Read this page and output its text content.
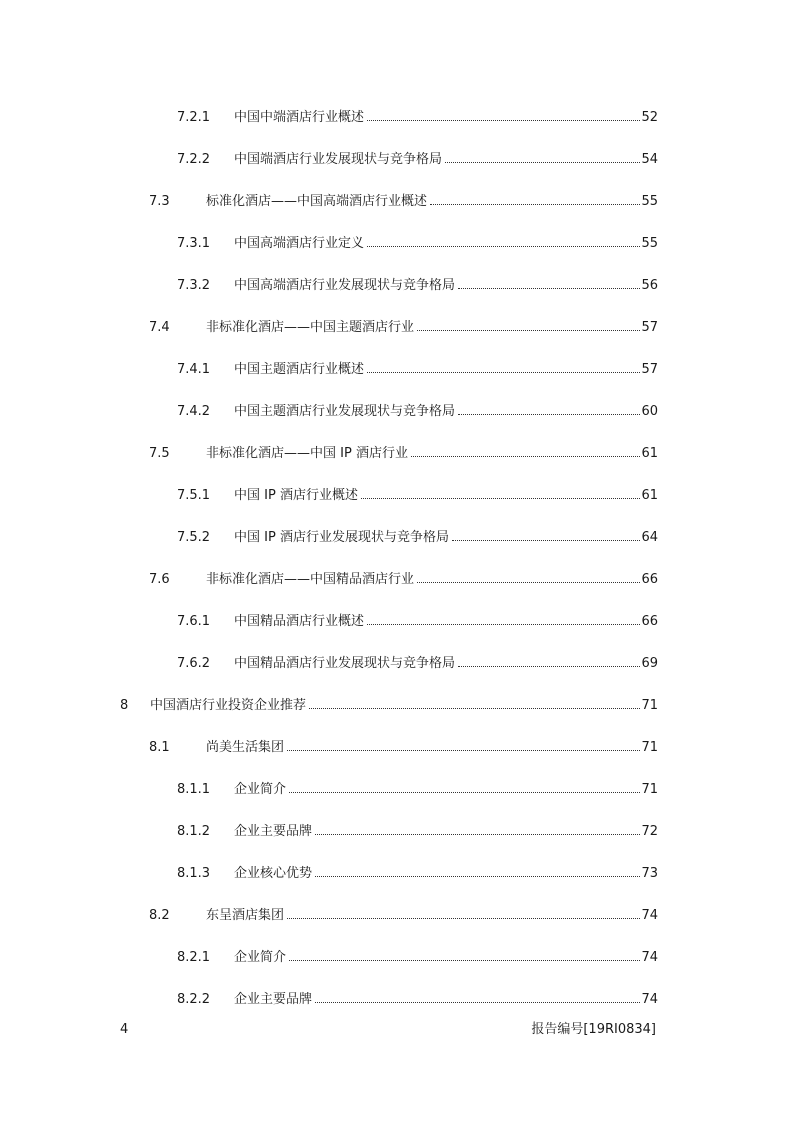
7.2.1	中国中端酒店行业概述	52
7.2.2	中国端酒店行业发展现状与竞争格局	54
7.3	标准化酒店——中国高端酒店行业概述	55
7.3.1	中国高端酒店行业定义	55
7.3.2	中国高端酒店行业发展现状与竞争格局	56
7.4	非标准化酒店——中国主题酒店行业	57
7.4.1	中国主题酒店行业概述	57
7.4.2	中国主题酒店行业发展现状与竞争格局	60
7.5	非标准化酒店——中国 IP 酒店行业	61
7.5.1	中国 IP 酒店行业概述	61
7.5.2	中国 IP 酒店行业发展现状与竞争格局	64
7.6	非标准化酒店——中国精品酒店行业	66
7.6.1	中国精品酒店行业概述	66
7.6.2	中国精品酒店行业发展现状与竞争格局	69
8	中国酒店行业投资企业推荐	71
8.1	尚美生活集团	71
8.1.1	企业简介	71
8.1.2	企业主要品牌	72
8.1.3	企业核心优势	73
8.2	东呈酒店集团	74
8.2.1	企业简介	74
8.2.2	企业主要品牌	74
4	报告编号[19RI0834]
